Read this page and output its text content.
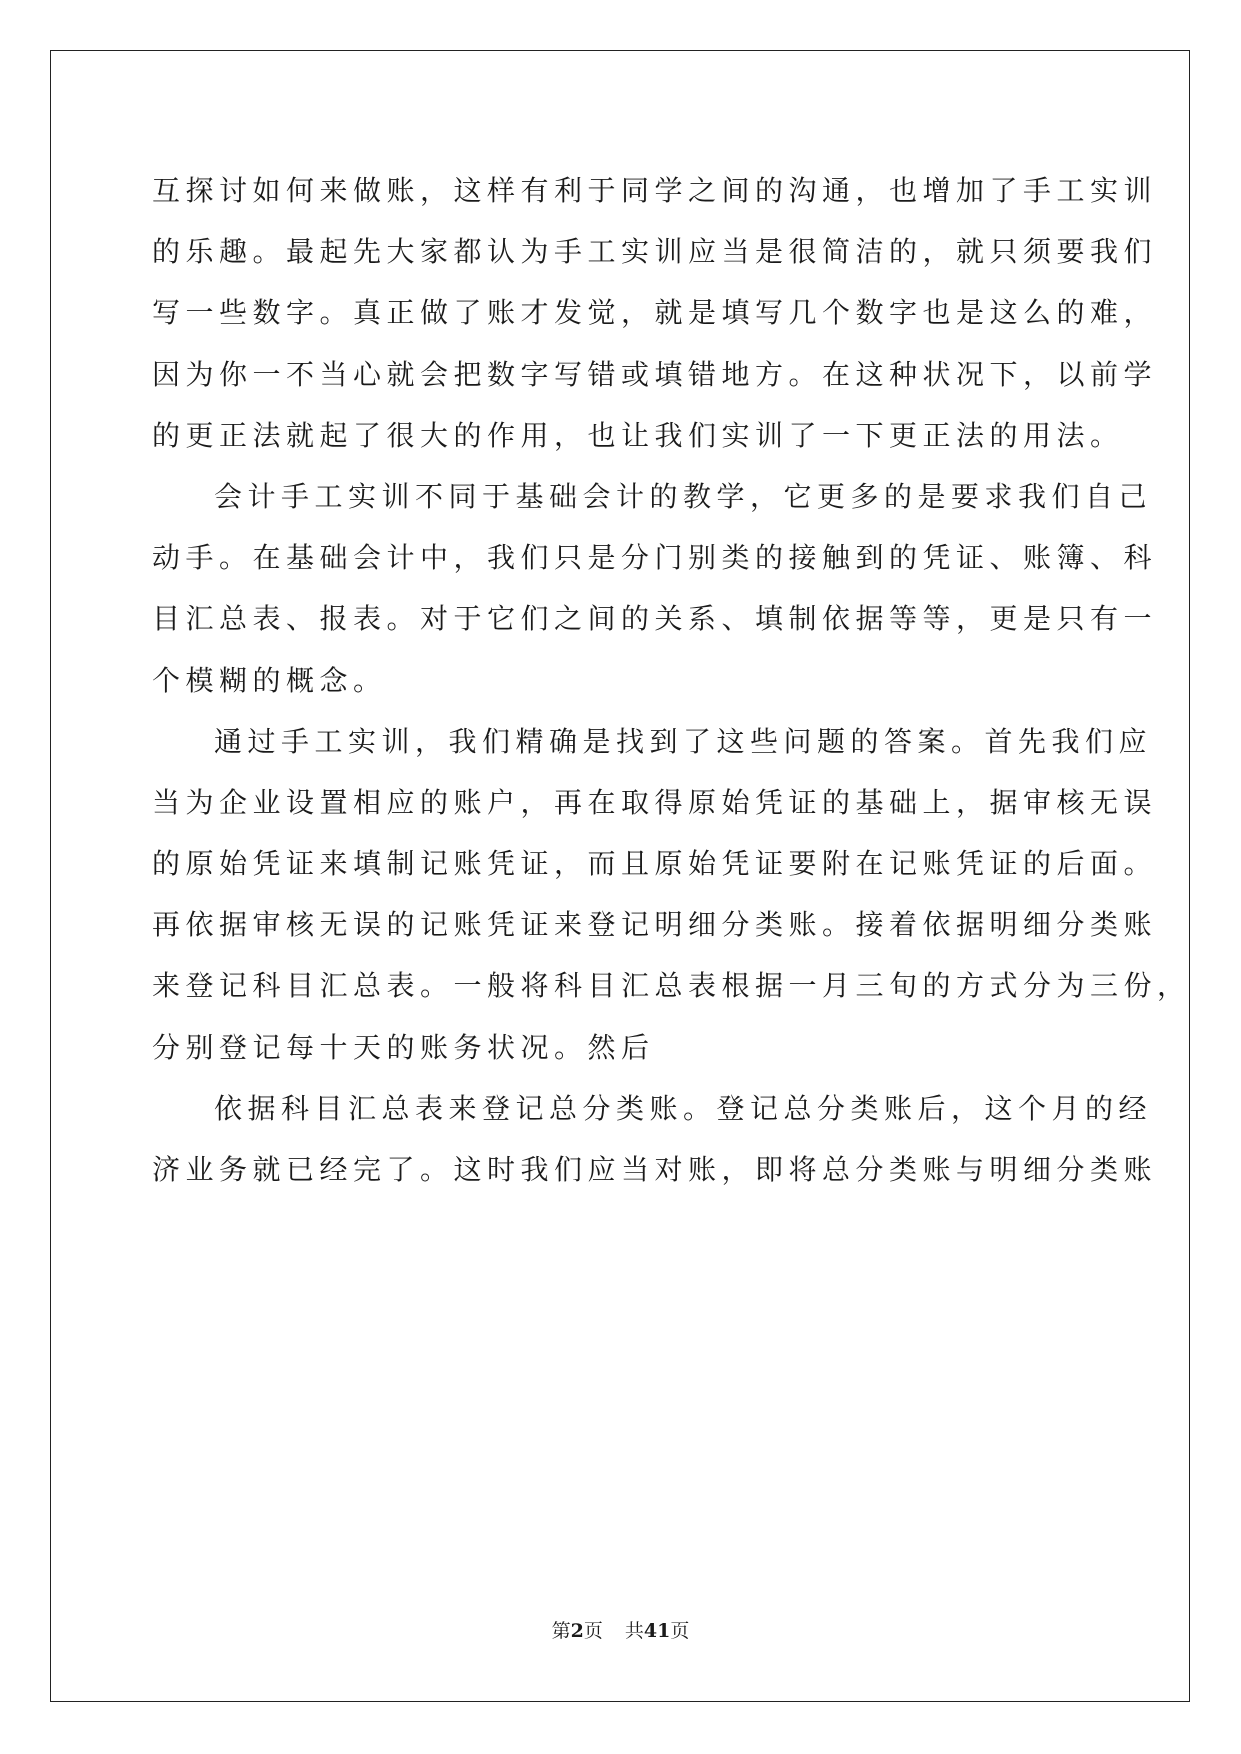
互探讨如何来做账，这样有利于同学之间的沟通，也增加了手工实训
的乐趣。最起先大家都认为手工实训应当是很简洁的，就只须要我们
写一些数字。真正做了账才发觉，就是填写几个数字也是这么的难，
因为你一不当心就会把数字写错或填错地方。在这种状况下，以前学
的更正法就起了很大的作用，也让我们实训了一下更正法的用法。
会计手工实训不同于基础会计的教学，它更多的是要求我们自己
动手。在基础会计中，我们只是分门别类的接触到的凭证、账簿、科
目汇总表、报表。对于它们之间的关系、填制依据等等，更是只有一
个模糊的概念。
通过手工实训，我们精确是找到了这些问题的答案。首先我们应
当为企业设置相应的账户，再在取得原始凭证的基础上，据审核无误
的原始凭证来填制记账凭证，而且原始凭证要附在记账凭证的后面。
再依据审核无误的记账凭证来登记明细分类账。接着依据明细分类账
来登记科目汇总表。一般将科目汇总表根据一月三旬的方式分为三份，
分别登记每十天的账务状况。然后
依据科目汇总表来登记总分类账。登记总分类账后，这个月的经
济业务就已经完了。这时我们应当对账，即将总分类账与明细分类账
第2页 共41页
